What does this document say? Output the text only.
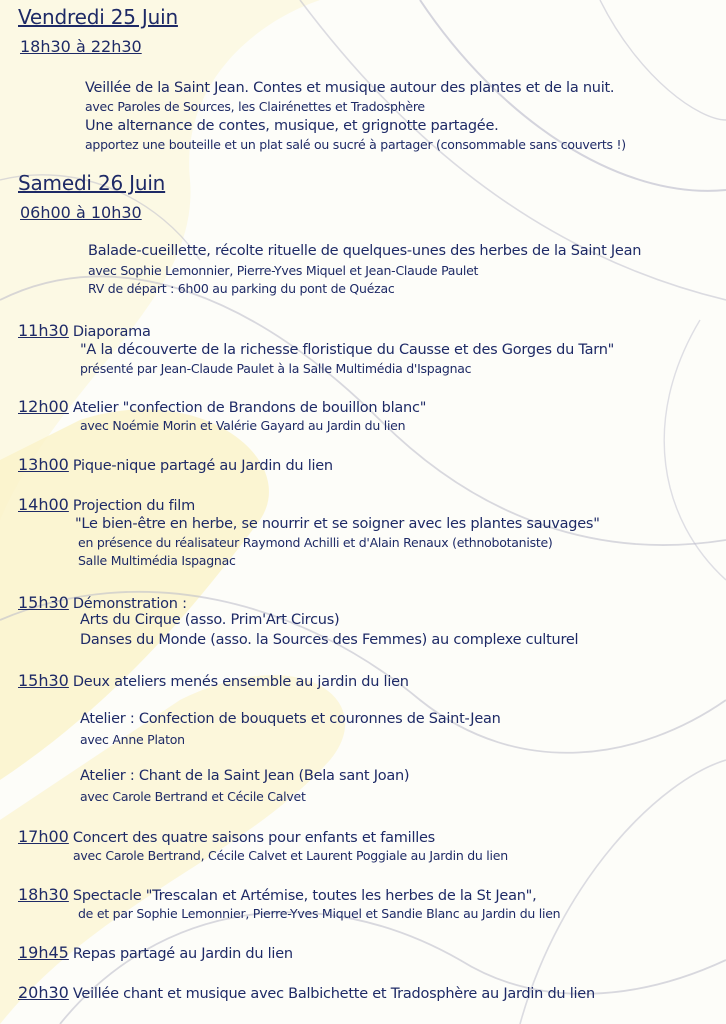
Vendredi 25 Juin
18h30 à 22h30
Veillée de la Saint Jean. Contes et musique autour des plantes et de la nuit.
avec Paroles de Sources, les Clairénettes et Tradosphère
Une alternance de contes, musique, et grignotte partagée.
apportez une bouteille et un plat salé ou sucré à partager (consommable sans couverts !)
Samedi 26 Juin
06h00 à 10h30
Balade-cueillette, récolte rituelle de quelques-unes des herbes de la Saint Jean
avec Sophie Lemonnier, Pierre-Yves Miquel et Jean-Claude Paulet
RV de départ : 6h00 au parking du pont de Quézac
11h30 Diaporama
"A la découverte de la richesse floristique du Causse et des Gorges du Tarn"
présenté par Jean-Claude Paulet à la Salle Multimédia d'Ispagnac
12h00 Atelier "confection de Brandons de bouillon blanc"
avec Noémie Morin et Valérie Gayard au Jardin du lien
13h00 Pique-nique partagé au Jardin du lien
14h00 Projection du film
"Le bien-être en herbe, se nourrir et se soigner avec les plantes sauvages"
en présence du réalisateur Raymond Achilli et d'Alain Renaux (ethnobotaniste)
Salle Multimédia Ispagnac
15h30 Démonstration :
Arts du Cirque (asso. Prim'Art Circus)
Danses du Monde (asso. la Sources des Femmes) au complexe culturel
15h30 Deux ateliers menés ensemble au jardin du lien
Atelier : Confection de bouquets et couronnes de Saint-Jean
avec Anne Platon
Atelier : Chant de la Saint Jean (Bela sant Joan)
avec Carole Bertrand et Cécile Calvet
17h00 Concert des quatre saisons pour enfants et familles
avec Carole Bertrand, Cécile Calvet et Laurent Poggiale au Jardin du lien
18h30 Spectacle "Trescalan et Artémise, toutes les herbes de la St Jean",
de et par Sophie Lemonnier, Pierre-Yves Miquel et Sandie Blanc au Jardin du lien
19h45 Repas partagé au Jardin du lien
20h30 Veillée chant et musique avec Balbichette et Tradosphère au Jardin du lien
